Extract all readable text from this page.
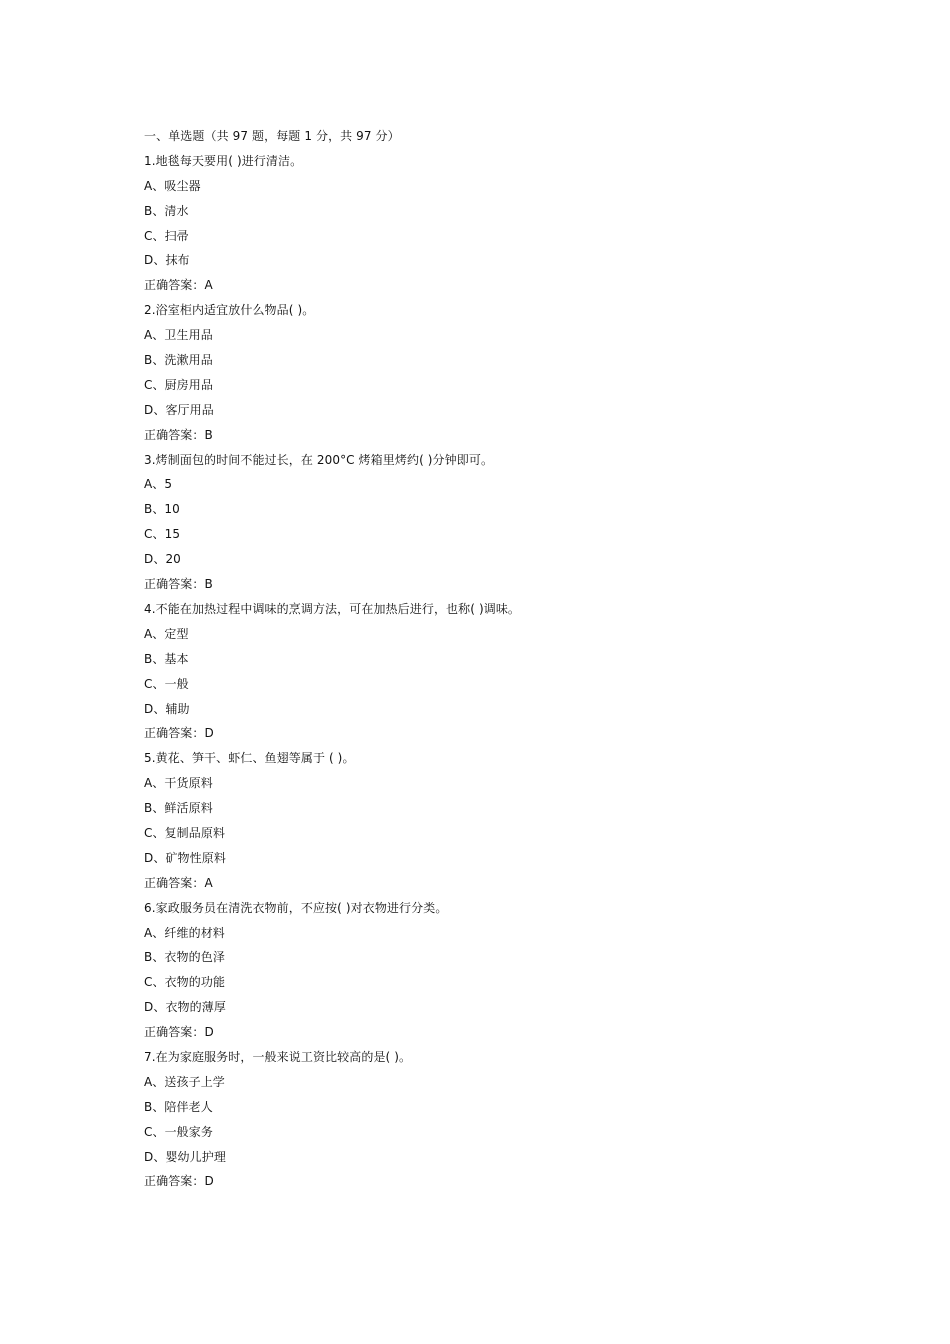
一、单选题（共 97 题，每题 1 分，共 97 分）
1.地毯每天要用( )进行清洁。
A、吸尘器
B、清水
C、扫帚
D、抹布
正确答案：A
2.浴室柜内适宜放什么物品( )。
A、卫生用品
B、洗漱用品
C、厨房用品
D、客厅用品
正确答案：B
3.烤制面包的时间不能过长，在 200°C 烤箱里烤约( )分钟即可。
A、5
B、10
C、15
D、20
正确答案：B
4.不能在加热过程中调味的烹调方法，可在加热后进行，也称( )调味。
A、定型
B、基本
C、一般
D、辅助
正确答案：D
5.黄花、笋干、虾仁、鱼翅等属于 ( )。
A、干货原料
B、鲜活原料
C、复制品原料
D、矿物性原料
正确答案：A
6.家政服务员在清洗衣物前，不应按( )对衣物进行分类。
A、纤维的材料
B、衣物的色泽
C、衣物的功能
D、衣物的薄厚
正确答案：D
7.在为家庭服务时，一般来说工资比较高的是( )。
A、送孩子上学
B、陪伴老人
C、一般家务
D、婴幼儿护理
正确答案：D
